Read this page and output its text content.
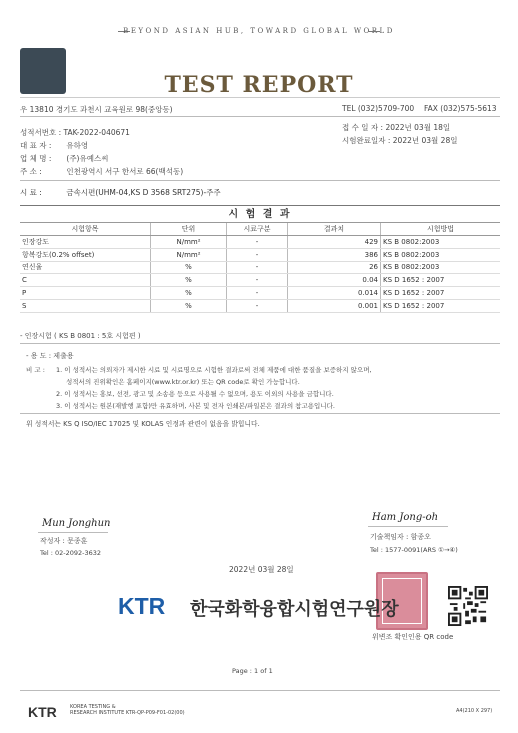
BEYOND ASIAN HUB, TOWARD GLOBAL WORLD
TEST REPORT
우 13810 경기도 과천시 교육원로 98(중앙동)	TEL (032)5709-700 FAX (032)575-5613
성적서번호 : TAK-2022-040671
대 표 자 : 유하영
업 체 명 : (주)유예스씨
주 소 :	인천광역시 서구 한서로 66(백석동)
접 수 일 자 : 2022년 03월 18일
시험완료일자 : 2022년 03월 28일
시 료 :	금속시편(UHM-04,KS D 3568 SRT275)-주주
시 험 결 과
시험항목	단위	시료구분	결과치	시험방법
인장강도	N/mm²	-	429	KS B 0802:2003
항복강도(0.2% offset)	N/mm²	-	386	KS B 0802:2003
연신율	%	-	26	KS B 0802:2003
C	%	-	0.04	KS D 1652 : 2007
P	%	-	0.014	KS D 1652 : 2007
S	%	-	0.001	KS D 1652 : 2007
- 인장시험 ( KS B 0801 : 5호 시험편 )
- 용 도 : 제출용
비 고 : 1. 이 성적서는 의뢰자가 제시한 시료 및 시료명으로 시험한 결과로써 전체 제품에 대한 품질을 보증하지 않으며,
성적서의 진위확인은 홈페이지(www.ktr.or.kr) 또는 QR code로 확인 가능합니다.
2. 이 성적서는 홍보, 선전, 광고 및 소송용 등으로 사용될 수 없으며, 용도 이외의 사용을 금합니다.
3. 이 성적서는 원본(재발행 포함)만 유효하며, 사본 및 전자 인쇄본/파일본은 결과의 참고용입니다.
위 성적서는 KS Q ISO/IEC 17025 및 KOLAS 인정과 관련이 없음을 밝힙니다.
Mun Jonghun
작성자 : 문종훈
Tel : 02-2092-3632
Ham Jong-oh
기술책임자 : 함종오
Tel : 1577-0091(ARS ①→④)
2022년 03월 28일
KTR 한국화학융합시험연구원장
위변조 확인인용 QR code
Page : 1 of 1
KTR	KOREA TESTING &
RESEARCH INSTITUTE KTR-QP-P09-F01-02(00)	A4(210 X 297)
